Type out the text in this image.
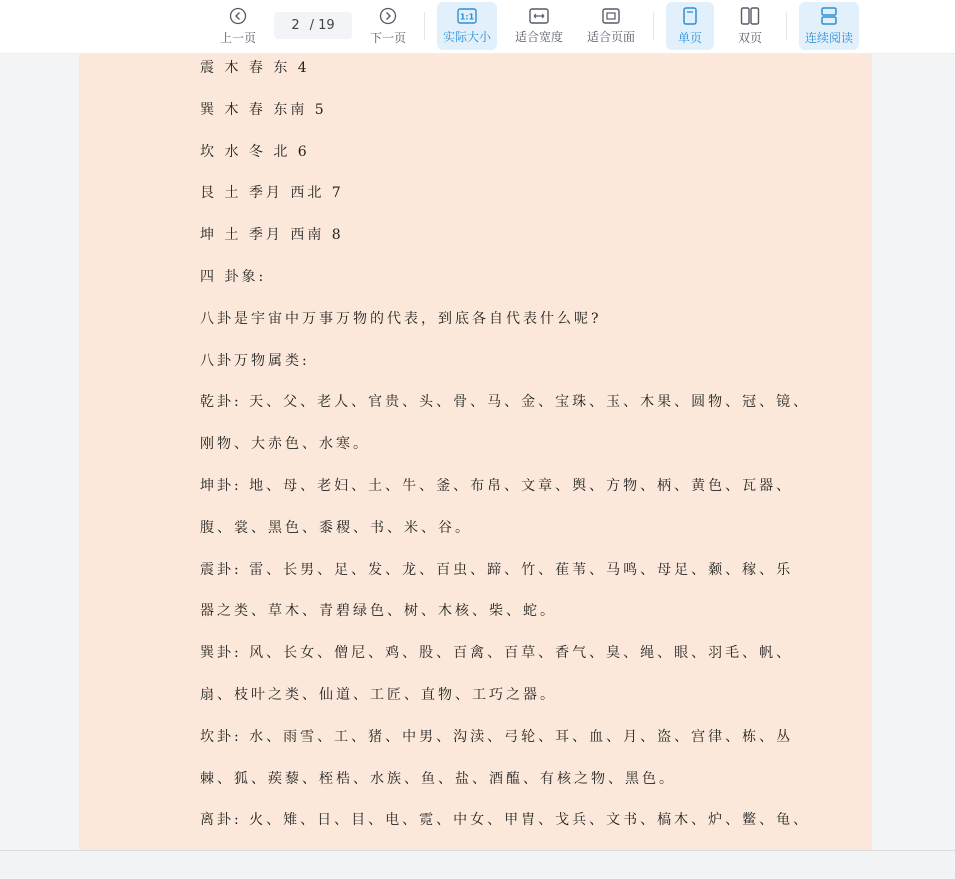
上一页
2 / 19
下一页
1:1
实际大小 适合宽度 适合页面	单页	双页	连续阅读
震 木 春 东 4
巽 木 春 东南 5
坎 水 冬 北 6
艮 土 季月 西北 7
坤 土 季月 西南 8
四 卦象:
八卦是宇宙中万事万物的代表，到底各自代表什么呢?
八卦万物属类:
乾卦: 天、父、老人、官贵、头、骨、马、金、宝珠、玉、木果、圆物、冠、镜、
刚物、大赤色、水寒。
坤卦: 地、母、老妇、土、牛、釜、布帛、文章、舆、方物、柄、黄色、瓦器、
腹、裳、黑色、黍稷、书、米、谷。
震卦: 雷、长男、足、发、龙、百虫、蹄、竹、萑苇、马鸣、母足、颡、稼、乐
器之类、草木、青碧绿色、树、木核、柴、蛇。
巽卦: 风、长女、僧尼、鸡、股、百禽、百草、香气、臭、绳、眼、羽毛、帆、
扇、枝叶之类、仙道、工匠、直物、工巧之器。
坎卦: 水、雨雪、工、猪、中男、沟渎、弓轮、耳、血、月、盗、宫律、栋、丛
棘、狐、蒺藜、桎梏、水族、鱼、盐、酒醢、有核之物、黑色。
离卦: 火、雉、日、目、电、霓、中女、甲胄、戈兵、文书、槁木、炉、鳖、龟、
